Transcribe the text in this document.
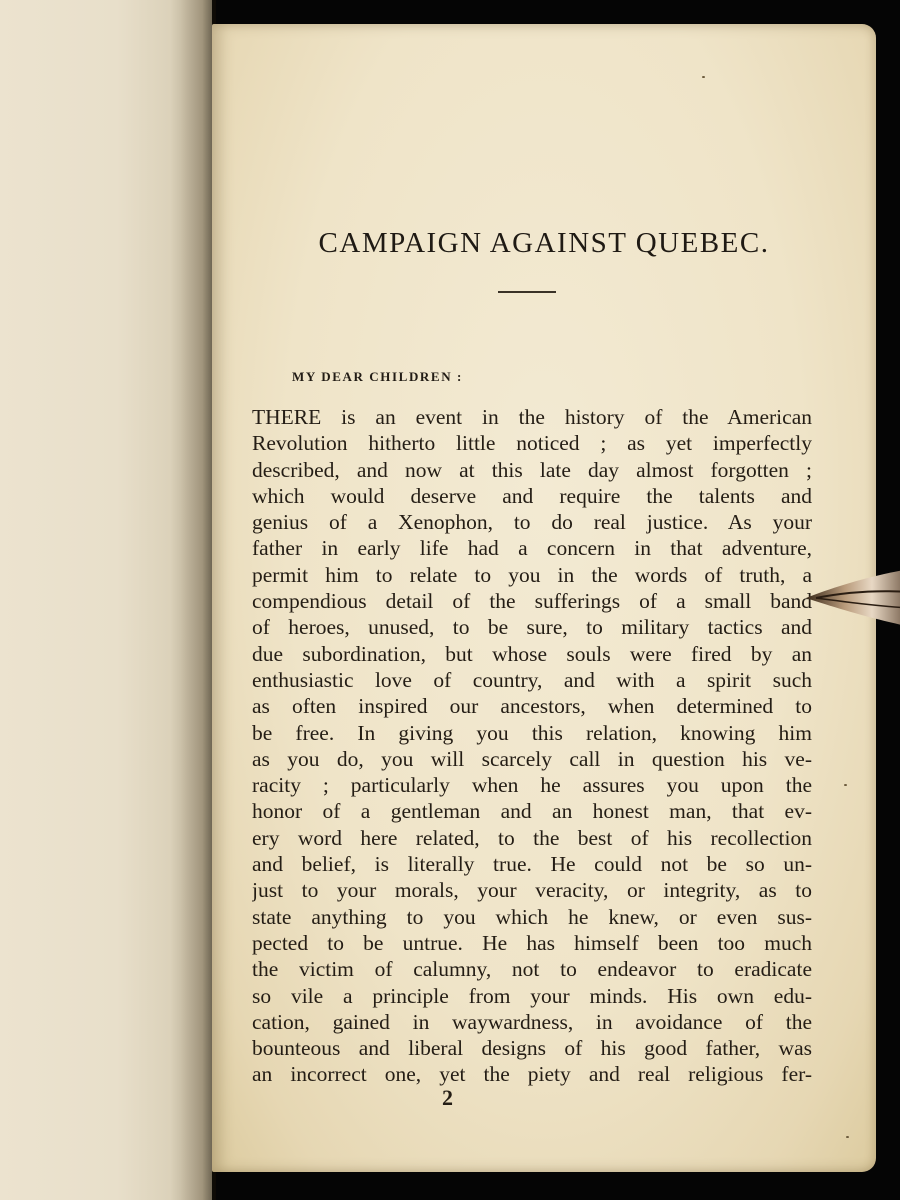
CAMPAIGN AGAINST QUEBEC.

MY DEAR CHILDREN :

THERE is an event in the history of the American
Revolution hitherto little noticed ; as yet imperfectly
described, and now at this late day almost forgotten ;
which would deserve and require the talents and
genius of a Xenophon, to do real justice. As your
father in early life had a concern in that adventure,
permit him to relate to you in the words of truth, a
compendious detail of the sufferings of a small band
of heroes, unused, to be sure, to military tactics and
due subordination, but whose souls were fired by an
enthusiastic love of country, and with a spirit such
as often inspired our ancestors, when determined to
be free. In giving you this relation, knowing him
as you do, you will scarcely call in question his ve-
racity ; particularly when he assures you upon the
honor of a gentleman and an honest man, that ev-
ery word here related, to the best of his recollection
and belief, is literally true. He could not be so un-
just to your morals, your veracity, or integrity, as to
state anything to you which he knew, or even sus-
pected to be untrue. He has himself been too much
the victim of calumny, not to endeavor to eradicate
so vile a principle from your minds. His own edu-
cation, gained in waywardness, in avoidance of the
bounteous and liberal designs of his good father, was
an incorrect one, yet the piety and real religious fer-

2
